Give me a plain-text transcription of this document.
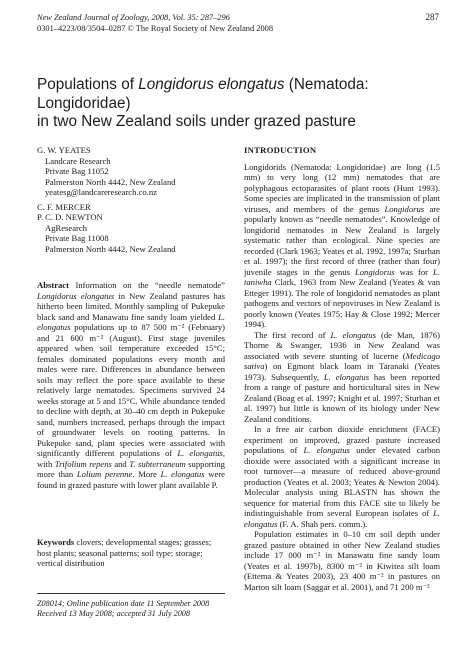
New Zealand Journal of Zoology, 2008, Vol. 35: 287–296
0301–4223/08/3504–0287 © The Royal Society of New Zealand 2008
287
Populations of Longidorus elongatus (Nematoda: Longidoridae)
in two New Zealand soils under grazed pasture
G. W. YEATES
Landcare Research
Private Bag 11052
Palmerston North 4442, New Zealand
yeatesg@landcareresearch.co.nz
C. F. MERCER
P. C. D. NEWTON
AgResearch
Private Bag 11008
Palmerston North 4442, New Zealand

Abstract Information on the “needle nematode” Longidorus elongatus in New Zealand pastures has hitherto been limited. Monthly sampling of Pukepuke black sand and Manawatu fine sandy loam yielded L. elongatus populations up to 87 500 m⁻² (February) and 21 600 m⁻² (August). First stage juveniles appeared when soil temperature exceeded 15°C; females dominated populations every month and males were rare. Differences in abundance between soils may reflect the pore space available to these relatively large nematodes. Specimens survived 24 weeks storage at 5 and 15°C. While abundance tended to decline with depth, at 30–40 cm depth in Pukepuke sand, numbers increased, perhaps through the impact of groundwater levels on rooting patterns. In Pukepuke sand, plant species were associated with significantly different populations of L. elongatus, with Trifolium repens and T. subterraneum supporting more than Lolium perenne. More L. elongatus were found in grazed pasture with lower plant available P.

Keywords clovers; developmental stages; grasses; host plants; seasonal patterns; soil type; storage; vertical distribution
Z08014; Online publication date 11 September 2008
Received 13 May 2008; accepted 31 July 2008
INTRODUCTION

Longidorids (Nematoda: Longidoridae) are long (1.5 mm) to very long (12 mm) nematodes that are polyphagous ectoparasites of plant roots (Hunt 1993). Some species are implicated in the transmission of plant viruses, and members of the genus Longidorus are popularly known as “needle nematodes”. Knowledge of longidorid nematodes in New Zealand is largely systematic rather than ecological. Nine species are recorded (Clark 1963; Yeates et al. 1992, 1997a; Sturhan et al. 1997); the first record of three (rather than four) juvenile stages in the genus Longidorus was for L. taniwha Clark, 1963 from New Zealand (Yeates & van Etteger 1991). The role of longidorid nematodes as plant pathogens and vectors of nepoviruses in New Zealand is poorly known (Yeates 1975; Hay & Close 1992; Mercer 1994).

The first record of L. elongatus (de Man, 1876) Thorne & Swanger, 1936 in New Zealand was associated with severe stunting of lucerne (Medicago sativa) on Egmont black loam in Taranaki (Yeates 1973). Subsequently, L. elongatus has been reported from a range of pasture and horticultural sites in New Zealand (Boag et al. 1997; Knight et al. 1997; Sturhan et al. 1997) but little is known of its biology under New Zealand conditions.

In a free air carbon dioxide enrichment (FACE) experiment on improved, grazed pasture increased populations of L. elongatus under elevated carbon dioxide were associated with a significant increase in root turnover—a measure of reduced above-ground production (Yeates et al. 2003; Yeates & Newton 2004). Molecular analysis using BLASTN has shown the sequence for material from this FACE site to likely be indistinguishable from several European isolates of L. elongatus (F. A. Shah pers. comm.).

Population estimates in 0–10 cm soil depth under grazed pasture obtained in other New Zealand studies include 17 000 m⁻² in Manawatu fine sandy loam (Yeates et al. 1997b), 8300 m⁻² in Kiwitea silt loam (Ettema & Yeates 2003), 23 400 m⁻² in pastures on Marton silt loam (Saggar et al. 2001), and 71 200 m⁻²
